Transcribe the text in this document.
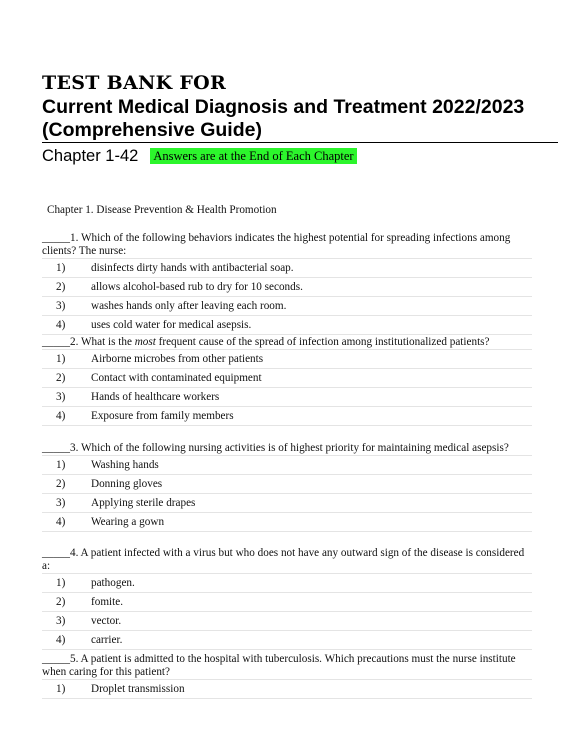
TEST BANK FOR
Current Medical Diagnosis and Treatment 2022/2023 (Comprehensive Guide)
Chapter 1-42 Answers are at the End of Each Chapter
Chapter 1. Disease Prevention & Health Promotion

_____1. Which of the following behaviors indicates the highest potential for spreading infections among clients? The nurse:

1) disinfects dirty hands with antibacterial soap.
2) allows alcohol-based rub to dry for 10 seconds.
3) washes hands only after leaving each room.
4) uses cold water for medical asepsis.

_____2. What is the most frequent cause of the spread of infection among institutionalized patients?

1) Airborne microbes from other patients
2) Contact with contaminated equipment
3) Hands of healthcare workers
4) Exposure from family members

_____3. Which of the following nursing activities is of highest priority for maintaining medical asepsis?

1) Washing hands
2) Donning gloves
3) Applying sterile drapes
4) Wearing a gown

_____4. A patient infected with a virus but who does not have any outward sign of the disease is considered a:

1) pathogen.
2) fomite.
3) vector.
4) carrier.

_____5. A patient is admitted to the hospital with tuberculosis. Which precautions must the nurse institute when caring for this patient?

1) Droplet transmission
